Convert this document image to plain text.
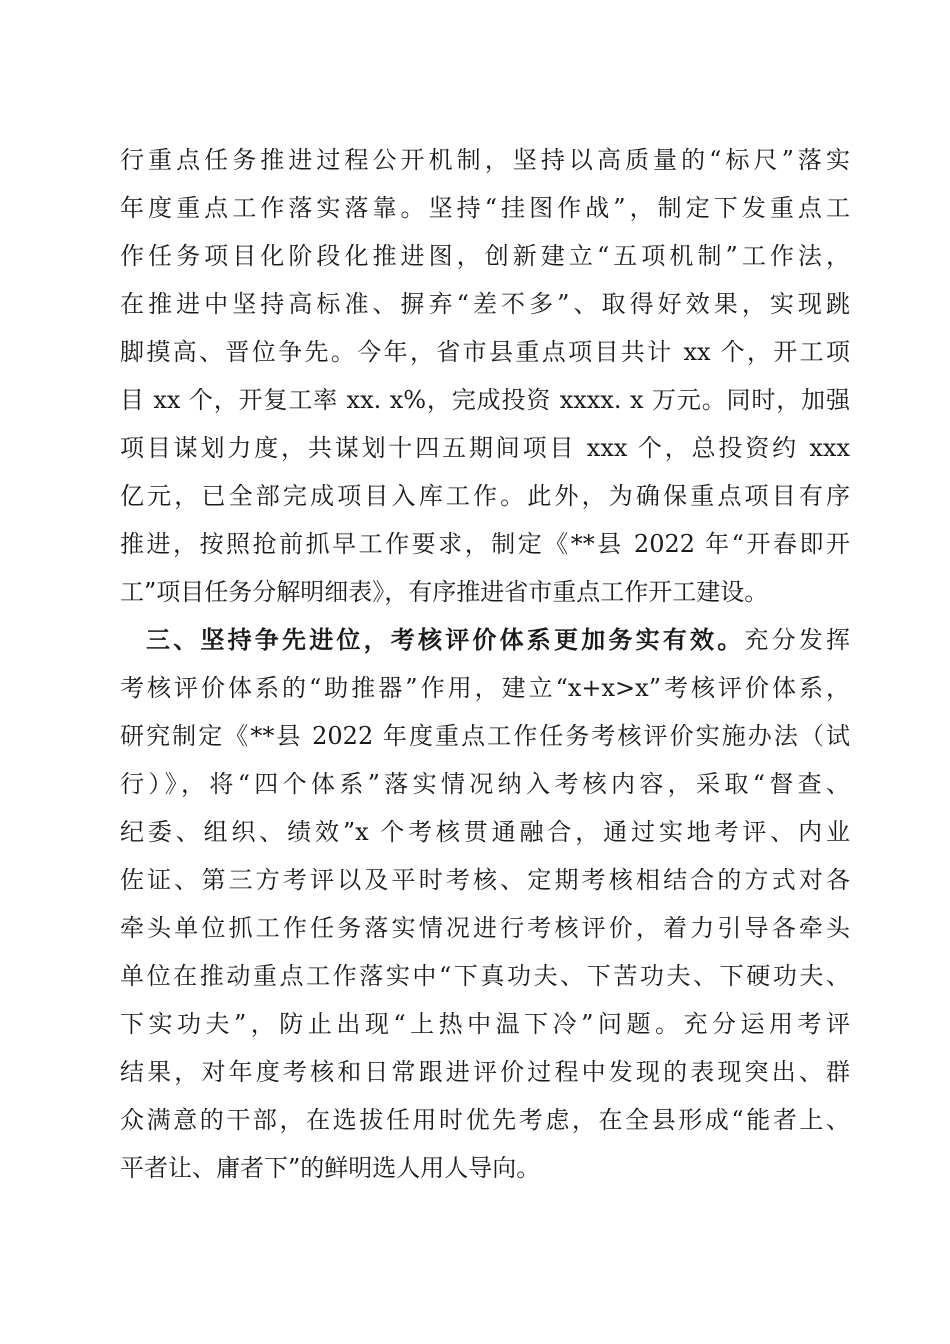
行重点任务推进过程公开机制，坚持以高质量的“标尺”落实
年度重点工作落实落靠。坚持“挂图作战”，制定下发重点工
作任务项目化阶段化推进图，创新建立“五项机制”工作法，
在推进中坚持高标准、摒弃“差不多”、取得好效果，实现跳
脚摸高、晋位争先。今年，省市县重点项目共计 xx 个，开工项
目 xx 个，开复工率 xx. x%，完成投资 xxxx. x 万元。同时，加强
项目谋划力度，共谋划十四五期间项目 xxx 个，总投资约 xxx
亿元，已全部完成项目入库工作。此外，为确保重点项目有序
推进，按照抢前抓早工作要求，制定《**县 2022 年“开春即开
工”项目任务分解明细表》，有序推进省市重点工作开工建设。
三、坚持争先进位，考核评价体系更加务实有效。充分发挥
考核评价体系的“助推器”作用，建立“x+x>x”考核评价体系，
研究制定《**县 2022 年度重点工作任务考核评价实施办法（试
行）》，将“四个体系”落实情况纳入考核内容，采取“督查、
纪委、组织、绩效”x 个考核贯通融合，通过实地考评、内业
佐证、第三方考评以及平时考核、定期考核相结合的方式对各
牵头单位抓工作任务落实情况进行考核评价，着力引导各牵头
单位在推动重点工作落实中“下真功夫、下苦功夫、下硬功夫、
下实功夫”，防止出现“上热中温下冷”问题。充分运用考评
结果，对年度考核和日常跟进评价过程中发现的表现突出、群
众满意的干部，在选拔任用时优先考虑，在全县形成“能者上、
平者让、庸者下”的鲜明选人用人导向。
